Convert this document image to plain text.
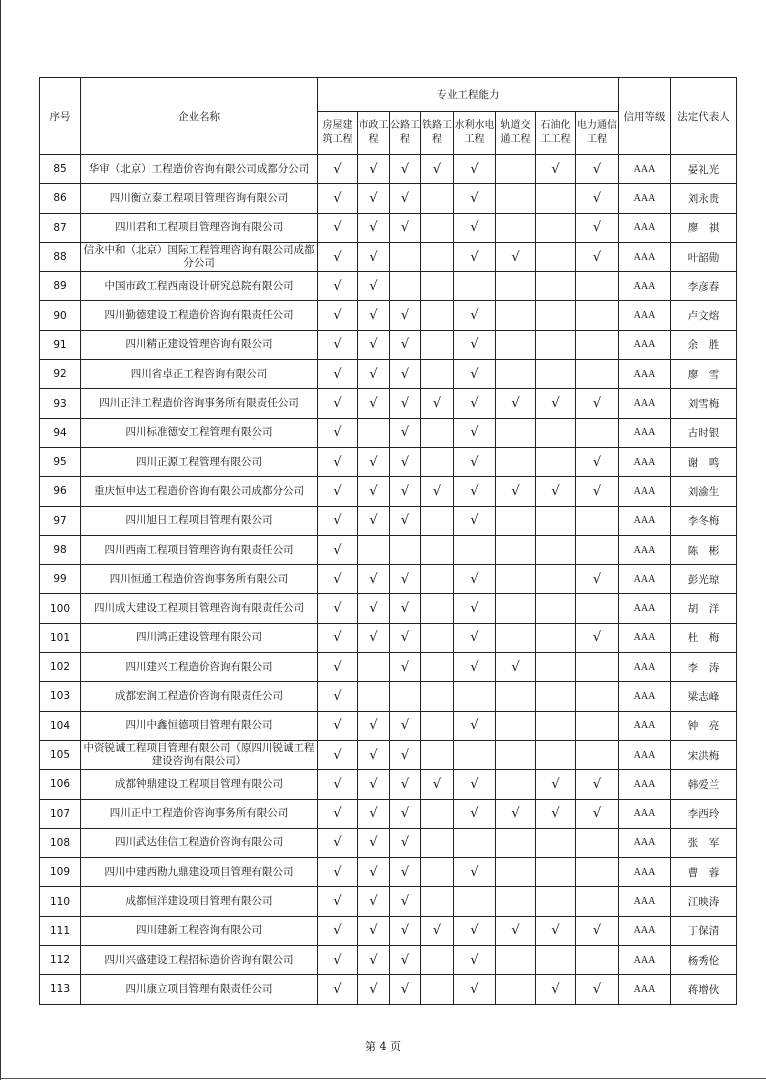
序号	企业名称	专业工程能力								信用等级	法定代表人
		房屋建筑工程	市政工程	公路工程	铁路工程	水利水电工程	轨道交通工程	石油化工工程	电力通信工程		
85	华审（北京）工程造价咨询有限公司成都分公司	√	√	√	√	√		√	√	AAA	晏礼光
86	四川衡立泰工程项目管理咨询有限公司	√	√	√		√			√	AAA	刘永贵
87	四川君和工程项目管理咨询有限公司	√	√	√		√			√	AAA	廖　祺
88	信永中和（北京）国际工程管理咨询有限公司成都分公司	√	√			√	√		√	AAA	叶韶勋
89	中国市政工程西南设计研究总院有限公司	√	√							AAA	李彦春
90	四川勤德建设工程造价咨询有限责任公司	√	√	√		√				AAA	卢文熔
91	四川精正建设管理咨询有限公司	√	√	√		√				AAA	余　胜
92	四川省卓正工程咨询有限公司	√	√	√		√				AAA	廖　雪
93	四川正沣工程造价咨询事务所有限责任公司	√	√	√	√	√	√	√	√	AAA	刘雪梅
94	四川标准德安工程管理有限公司	√		√		√				AAA	古时银
95	四川正源工程管理有限公司	√	√	√		√			√	AAA	谢　鸣
96	重庆恒申达工程造价咨询有限公司成都分公司	√	√	√	√	√	√	√	√	AAA	刘渝生
97	四川旭日工程项目管理有限公司	√	√	√		√				AAA	李冬梅
98	四川西南工程项目管理咨询有限责任公司	√								AAA	陈　彬
99	四川恒通工程造价咨询事务所有限公司	√	√	√		√			√	AAA	彭光琼
100	四川成大建设工程项目管理咨询有限责任公司	√	√	√		√				AAA	胡　洋
101	四川鸿正建设管理有限公司	√	√	√		√			√	AAA	杜　梅
102	四川建兴工程造价咨询有限公司	√		√		√	√			AAA	李　涛
103	成都宏润工程造价咨询有限责任公司	√								AAA	梁志峰
104	四川中鑫恒德项目管理有限公司	√	√	√		√				AAA	钟　亮
105	中资锐诚工程项目管理有限公司（原四川锐诚工程建设咨询有限公司）	√	√	√						AAA	宋洪梅
106	成都钟鼎建设工程项目管理有限公司	√	√	√	√	√		√	√	AAA	韩爱兰
107	四川正中工程造价咨询事务所有限公司	√	√	√		√	√	√	√	AAA	李西玲
108	四川武达佳信工程造价咨询有限公司	√	√	√						AAA	张　军
109	四川中建西勘九鼎建设项目管理有限公司	√	√	√		√				AAA	曹　蓉
110	成都恒洋建设项目管理有限公司	√	√	√						AAA	江映涛
111	四川建新工程咨询有限公司	√	√	√	√	√	√	√	√	AAA	丁保清
112	四川兴盛建设工程招标造价咨询有限公司	√	√	√		√				AAA	杨秀伦
113	四川康立项目管理有限责任公司	√	√	√		√		√	√	AAA	蒋增伙
第 4 页
